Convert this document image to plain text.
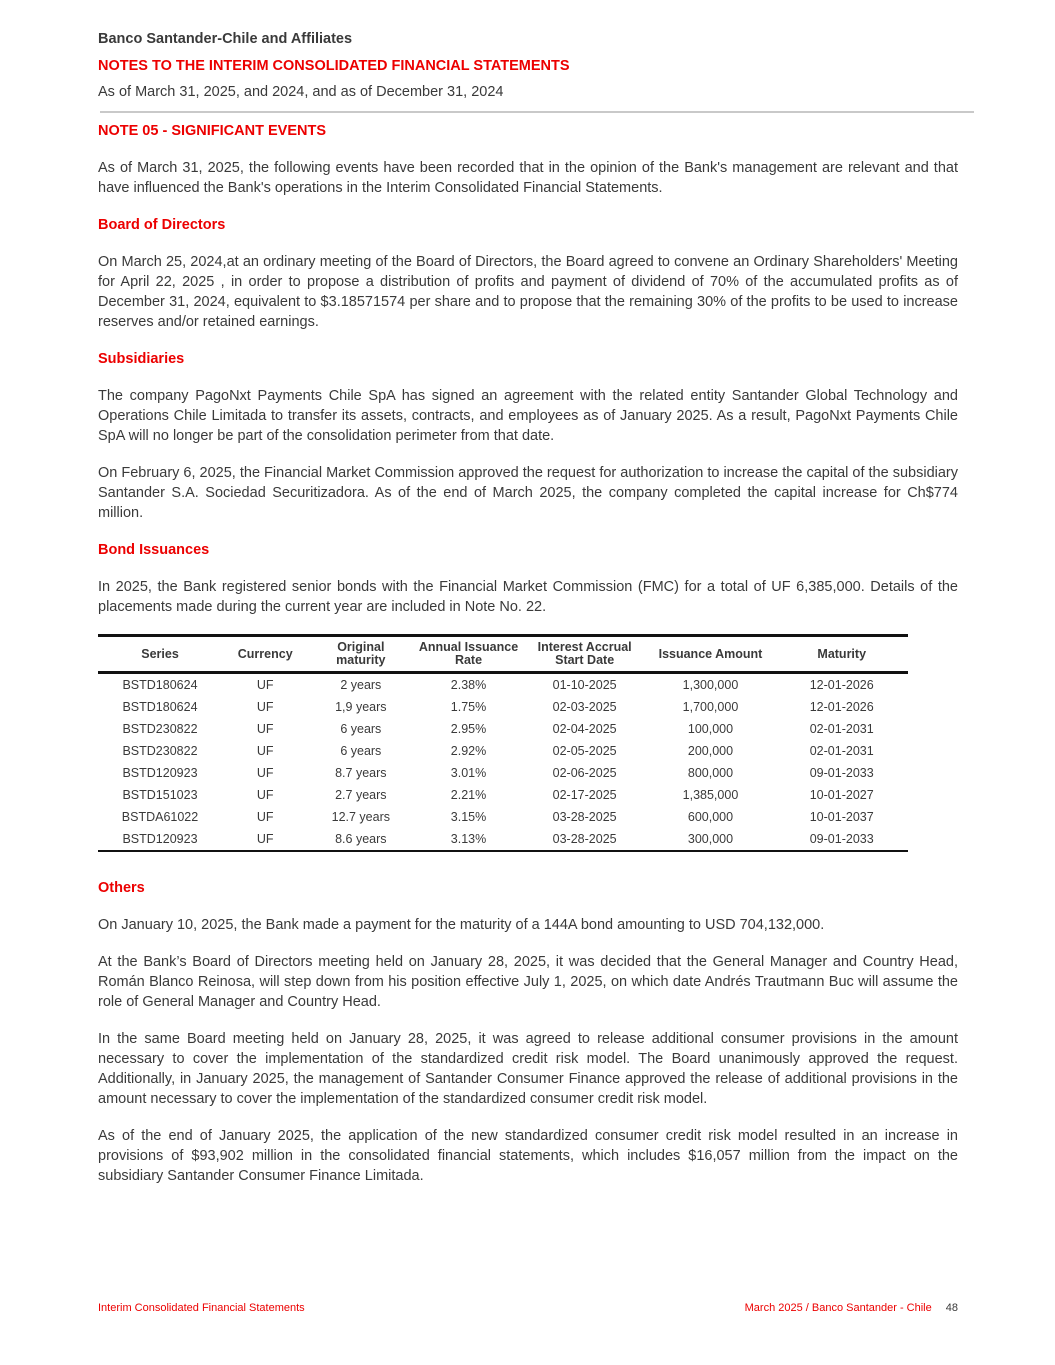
Banco Santander-Chile and Affiliates
NOTES TO THE INTERIM CONSOLIDATED FINANCIAL STATEMENTS
As of March 31, 2025, and 2024, and as of December 31, 2024
NOTE 05 - SIGNIFICANT EVENTS

As of March 31, 2025, the following events have been recorded that in the opinion of the Bank's management are relevant and that have influenced the Bank's operations in the Interim Consolidated Financial Statements.

Board of Directors

On March 25, 2024,at an ordinary meeting of the Board of Directors, the Board agreed to convene an Ordinary Shareholders' Meeting for April 22, 2025 , in order to propose a distribution of profits and payment of dividend of 70% of the accumulated profits as of December 31, 2024, equivalent to $3.18571574 per share and to propose that the remaining 30% of the profits to be used to increase reserves and/or retained earnings.

Subsidiaries

The company PagoNxt Payments Chile SpA has signed an agreement with the related entity Santander Global Technology and Operations Chile Limitada to transfer its assets, contracts, and employees as of January 2025. As a result, PagoNxt Payments Chile SpA will no longer be part of the consolidation perimeter from that date.

On February 6, 2025, the Financial Market Commission approved the request for authorization to increase the capital of the subsidiary Santander S.A. Sociedad Securitizadora. As of the end of March 2025, the company completed the capital increase for Ch$774 million.

Bond Issuances

In 2025, the Bank registered senior bonds with the Financial Market Commission (FMC) for a total of UF 6,385,000. Details of the placements made during the current year are included in Note No. 22.

Series	Currency	Original maturity	Annual Issuance Rate	Interest Accrual Start Date	Issuance Amount	Maturity
BSTD180624	UF	2 years	2.38%	01-10-2025	1,300,000	12-01-2026
BSTD180624	UF	1,9 years	1.75%	02-03-2025	1,700,000	12-01-2026
BSTD230822	UF	6 years	2.95%	02-04-2025	100,000	02-01-2031
BSTD230822	UF	6 years	2.92%	02-05-2025	200,000	02-01-2031
BSTD120923	UF	8.7 years	3.01%	02-06-2025	800,000	09-01-2033
BSTD151023	UF	2.7 years	2.21%	02-17-2025	1,385,000	10-01-2027
BSTDA61022	UF	12.7 years	3.15%	03-28-2025	600,000	10-01-2037
BSTD120923	UF	8.6 years	3.13%	03-28-2025	300,000	09-01-2033
Others

On January 10, 2025, the Bank made a payment for the maturity of a 144A bond amounting to USD 704,132,000.

At the Bank’s Board of Directors meeting held on January 28, 2025, it was decided that the General Manager and Country Head, Román Blanco Reinosa, will step down from his position effective July 1, 2025, on which date Andrés Trautmann Buc will assume the role of General Manager and Country Head.

In the same Board meeting held on January 28, 2025, it was agreed to release additional consumer provisions in the amount necessary to cover the implementation of the standardized credit risk model. The Board unanimously approved the request. Additionally, in January 2025, the management of Santander Consumer Finance approved the release of additional provisions in the amount necessary to cover the implementation of the standardized consumer credit risk model.

As of the end of January 2025, the application of the new standardized consumer credit risk model resulted in an increase in provisions of $93,902 million in the consolidated financial statements, which includes $16,057 million from the impact on the subsidiary Santander Consumer Finance Limitada.

Interim Consolidated Financial Statements	March 2025 / Banco Santander - Chile 48
